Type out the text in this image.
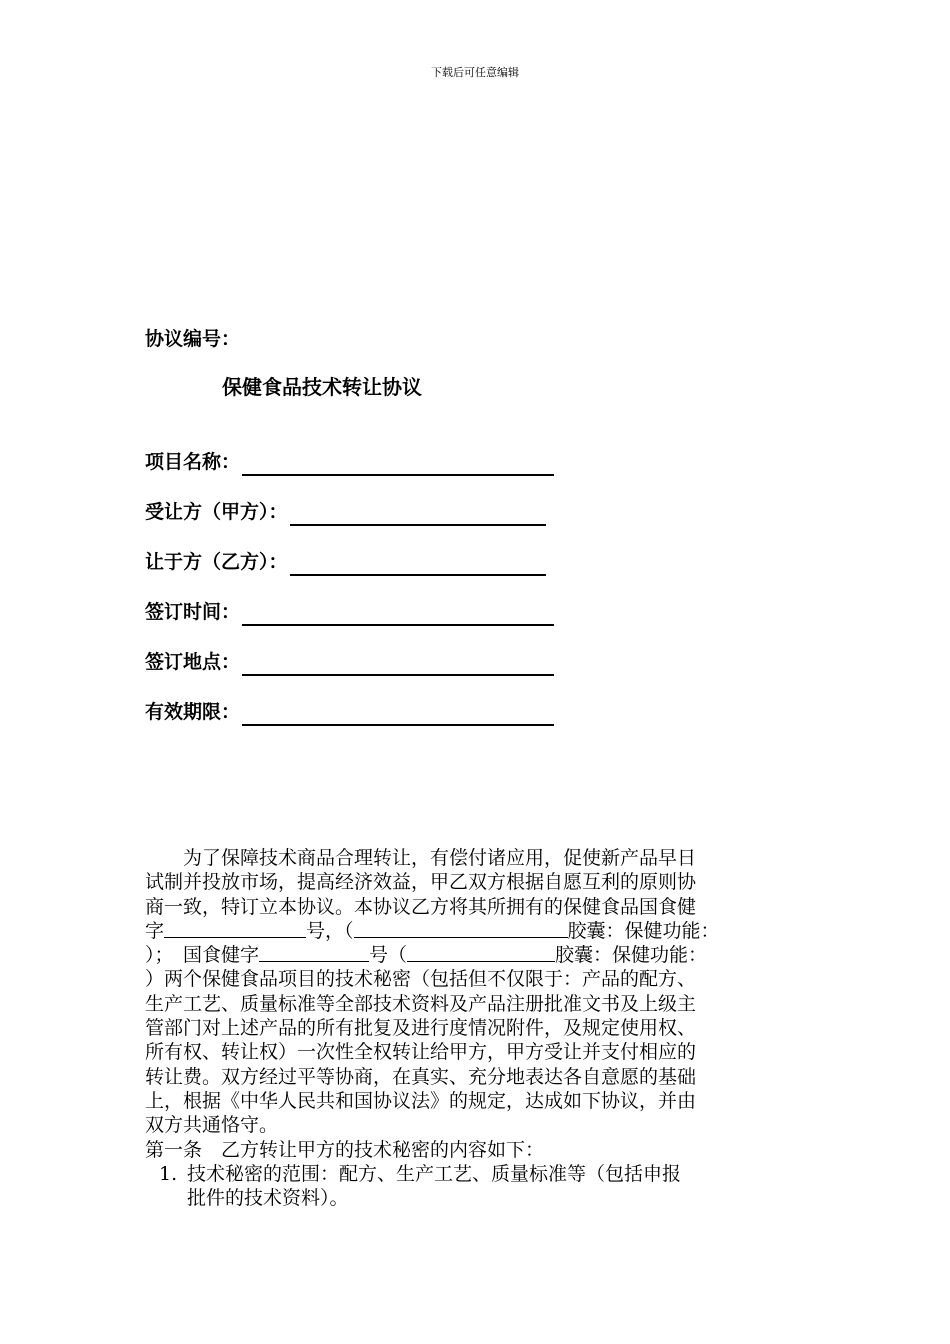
下载后可任意编辑
协议编号：
保健食品技术转让协议
项目名称：
受让方（甲方）：
让于方（乙方）：
签订时间：
签订地点：
有效期限：
为了保障技术商品合理转让，有偿付诸应用，促使新产品早日
试制并投放市场，提高经济效益，甲乙双方根据自愿互利的原则协
商一致，特订立本协议。本协议乙方将其所拥有的保健食品国食健
字	号，（	胶囊：保健功能：
）；　国食健字	号（	胶囊：保健功能：
）两个保健食品项目的技术秘密（包括但不仅限于：产品的配方、
生产工艺、质量标准等全部技术资料及产品注册批准文书及上级主
管部门对上述产品的所有批复及进行度情况附件，及规定使用权、
所有权、转让权）一次性全权转让给甲方，甲方受让并支付相应的
转让费。双方经过平等协商，在真实、充分地表达各自意愿的基础
上，根据《中华人民共和国协议法》的规定，达成如下协议，并由
双方共通恪守。
第一条　乙方转让甲方的技术秘密的内容如下：
1. 技术秘密的范围：配方、生产工艺、质量标准等（包括申报
批件的技术资料）。
